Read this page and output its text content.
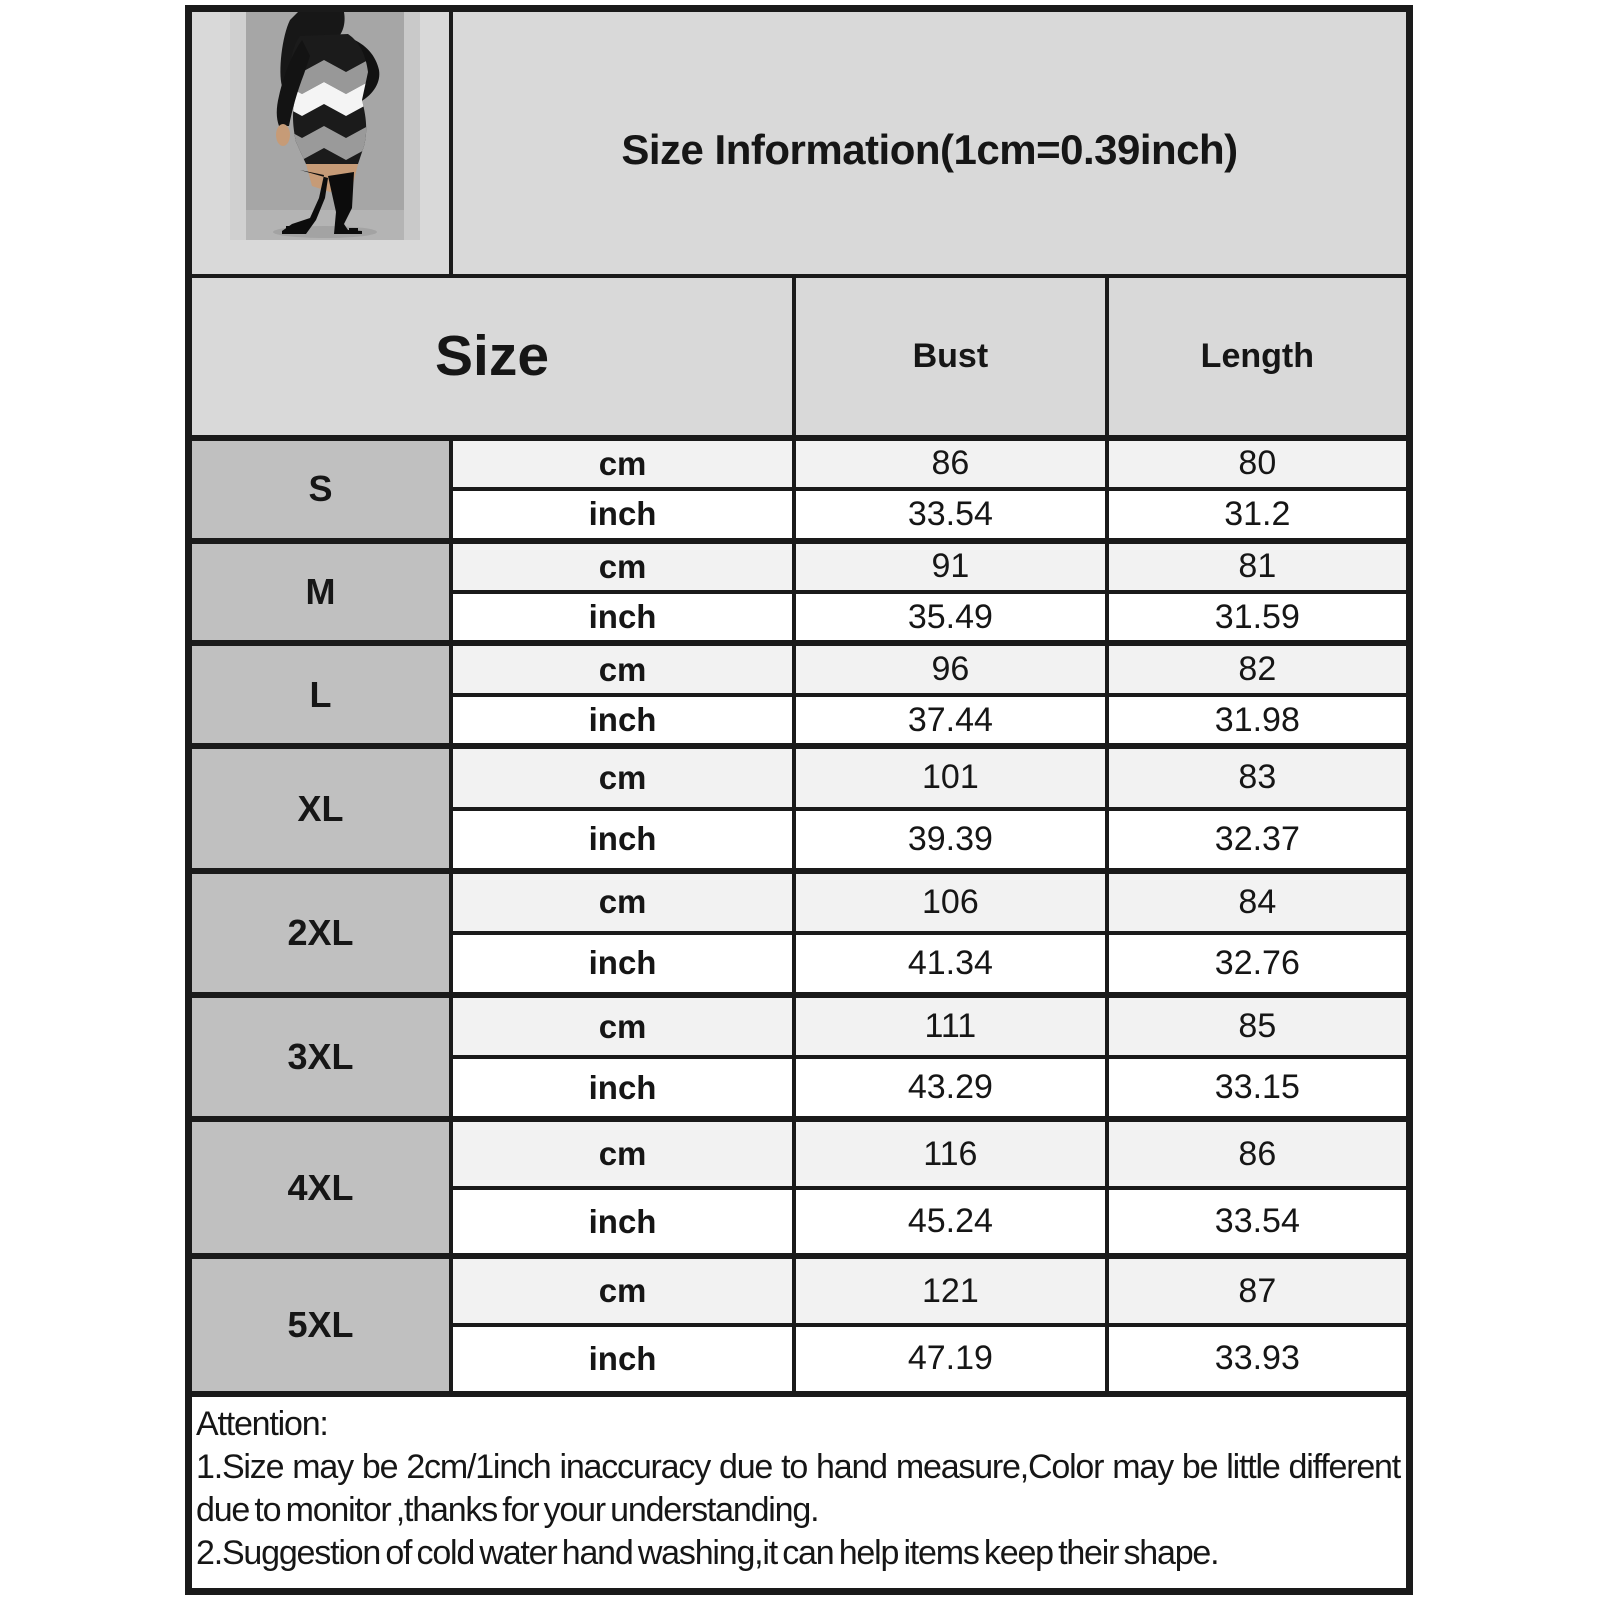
	Size Information(1cm=0.39inch)		
Size		Bust	Length
S	cm	86	80
	inch	33.54	31.2
M	cm	91	81
	inch	35.49	31.59
L	cm	96	82
	inch	37.44	31.98
XL	cm	101	83
	inch	39.39	32.37
2XL	cm	106	84
	inch	41.34	32.76
3XL	cm	111	85
	inch	43.29	33.15
4XL	cm	116	86
	inch	45.24	33.54
5XL	cm	121	87
	inch	47.19	33.93

Attention:
1.Size may be 2cm/1inch inaccuracy due to hand measure,Color may be little different due to monitor ,thanks for your understanding.
2.Suggestion of cold water hand washing,it can help items keep their shape.			
